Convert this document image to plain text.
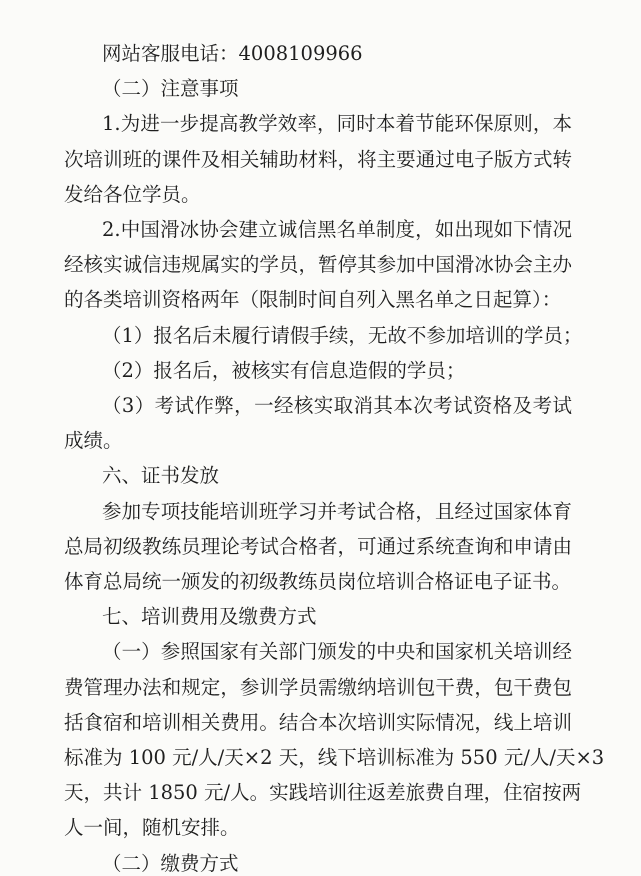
网站客服电话：4008109966

（二）注意事项

1.为进一步提高教学效率，同时本着节能环保原则，本

次培训班的课件及相关辅助材料，将主要通过电子版方式转

发给各位学员。

2.中国滑冰协会建立诚信黑名单制度，如出现如下情况

经核实诚信违规属实的学员，暂停其参加中国滑冰协会主办

的各类培训资格两年（限制时间自列入黑名单之日起算）：

（1）报名后未履行请假手续，无故不参加培训的学员；

（2）报名后，被核实有信息造假的学员；

（3）考试作弊，一经核实取消其本次考试资格及考试

成绩。

六、证书发放

参加专项技能培训班学习并考试合格，且经过国家体育

总局初级教练员理论考试合格者，可通过系统查询和申请由

体育总局统一颁发的初级教练员岗位培训合格证电子证书。

七、培训费用及缴费方式

（一）参照国家有关部门颁发的中央和国家机关培训经

费管理办法和规定，参训学员需缴纳培训包干费，包干费包

括食宿和培训相关费用。结合本次培训实际情况，线上培训

标准为 100 元/人/天×2 天，线下培训标准为 550 元/人/天×3

天，共计 1850 元/人。实践培训往返差旅费自理，住宿按两

人一间，随机安排。

（二）缴费方式
